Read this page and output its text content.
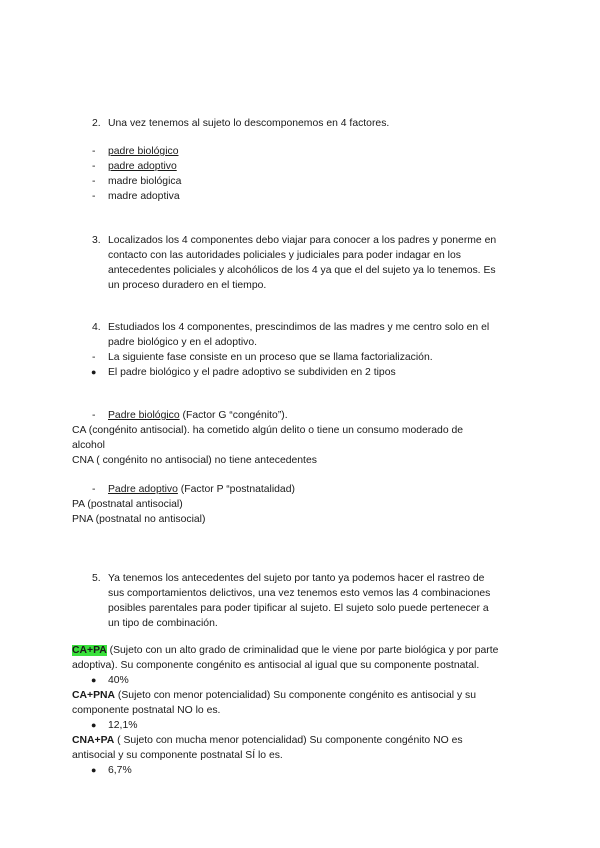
2. Una vez tenemos al sujeto lo descomponemos en 4 factores.
- padre biológico
- padre adoptivo
- madre biológica
- madre adoptiva
3. Localizados los 4 componentes debo viajar para conocer a los padres y ponerme en
contacto con las autoridades policiales y judiciales para poder indagar en los
antecedentes policiales y alcohólicos de los 4 ya que el del sujeto ya lo tenemos. Es
un proceso duradero en el tiempo.
4. Estudiados los 4 componentes, prescindimos de las madres y me centro solo en el
padre biológico y en el adoptivo.
- La siguiente fase consiste en un proceso que se llama factorialización.
● El padre biológico y el padre adoptivo se subdividen en 2 tipos
- Padre biológico (Factor G “congénito”).
CA (congénito antisocial). ha cometido algún delito o tiene un consumo moderado de
alcohol
CNA ( congénito no antisocial) no tiene antecedentes
- Padre adoptivo (Factor P “postnatalidad)
PA (postnatal antisocial)
PNA (postnatal no antisocial)
5. Ya tenemos los antecedentes del sujeto por tanto ya podemos hacer el rastreo de
sus comportamientos delictivos, una vez tenemos esto vemos las 4 combinaciones
posibles parentales para poder tipificar al sujeto. El sujeto solo puede pertenecer a
un tipo de combinación.
CA+PA (Sujeto con un alto grado de criminalidad que le viene por parte biológica y por parte
adoptiva). Su componente congénito es antisocial al igual que su componente postnatal.
● 40%
CA+PNA (Sujeto con menor potencialidad) Su componente congénito es antisocial y su
componente postnatal NO lo es.
● 12,1%
CNA+PA ( Sujeto con mucha menor potencialidad) Su componente congénito NO es
antisocial y su componente postnatal SÍ lo es.
● 6,7%
